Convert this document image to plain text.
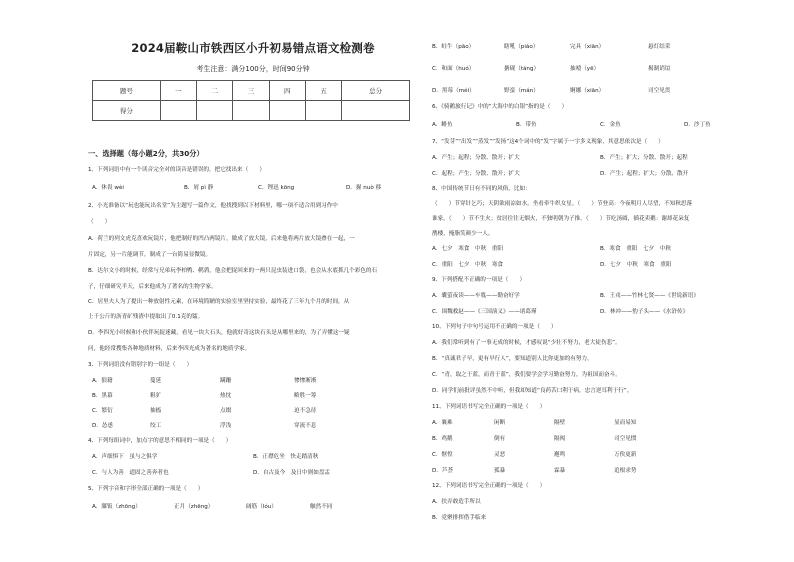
2024届鞍山市铁西区小升初易错点语文检测卷
考生注意：满分100分，时间90分钟
题号	一	二	三	四	五	总分
得分						
一、选择题（每小题2分，共30分）
1、下列词语中有一个读音完全对的读音是错误的，把它找出来（　　）
A．休畏 wèi	B．屑 pì 静	C．锂迅 kōng	D．握 nuò 移
2、小光准备以“玩也能玩出名堂”为主题写一篇作文，他找搜到以下材料里，哪一项不适合用到习作中
（　　）
A．荷兰的列文虎克喜欢玩镜片，他把制好的凹凸两镜片，做成了放大镜，后来他将两片放大镜叠在一起，一
片固定，另一片能调节，制成了一台简易显微镜。
B．达尔文小的时候，经常与兄弟玩李柏鸭、鹌鹑，他会把捉回来的一两只昆虫装进口袋，也会从水底抓几个彩色的石
子，仔细研究半天，后来他成为了著名的生物学家。
C．居里夫人为了提出一种放射性元素，在环境简陋的实验室里坚持实验，最终花了三年九个月的时间，从
上千公斤的沥青矿残渣中提取出了0.1克的镭。
D．李四光小时候和小伙伴玩捉迷藏，看见一块大石头，他就好奇这块石头是从哪里来的，为了弄懂这一疑
问，他经常搜集各种地质材料，后来李四光成为著名的地质学家。
3、下列词语没有错别字的一组是（　　）
A．狼籍	蔓延	蹒跚	惨惨淅淅
B．黑幕	粗犷	热忱	略胜一筹
C．繁衍	抽搐	点缀	迫不急待
D．怂恿	绞工	浮浅	穿流不息
4、下列每组词中，加点字的意思不相同的一项是（　　）
A．声细惧下　虽与之俱学	B．正襟危坐　快走踏清秋
C．与人为善　道固之善奔者也	D．自古及今　及日中则如盘盂
5、下列字音和字形全部正确的一项是（　　）
A．膝钣（zhōng）	正月（zhēng）	阔筋（lóu）	触然不同
B．蛀牛（pāo）	瞎吼（piáo）	完具（xiān）	悬灯结采
C．和面（huó）	搪砚（táng）	抽噎（yē）	揭制诮谊
D．黑莓（méi）	野蛮（mán）	婀娜（xiān）	司空见贯
6、《骑鹅旅行记》中的“大海中的白银”指的是（　　）
A．鲱鱼	B．带鱼	C．金鱼	D．沙丁鱼
7、“发芽”“出发”“蒸发”“发扬”这4个词中的“发”字属于一字多义现象，其意思依次是（　　）
A．产生；起程；分散、散开；扩大	B．产生；扩大；分散、散开；起程
C．起程；产生；分散、散开；扩大	D．产生；起程；扩大；分散、散开
8、中国传统节日有不同的风俗，比如：
（　　）节穿针乞巧；天阴欲雨凉如水，坐看牵牛织女星。（　　）节登高：今夜明月人尽望，不知秋思落
谁家。（　　）节不生火；贫居往往无烟火，不独明朝为子推。（　　）节吃汤圆，插花卖鹅：谢却花朵复
鹊楼，掩脂笑颜少一人。
A．七夕　寒食　中秋　重阳	B．寒食　重阳　七夕　中秋
C．重阳　七夕　中秋　寒食	D．七夕　中秋　寒食　重阳
9、下列搭配不正确的一项是（　　）
A．囊萤夜读——车胤——勤奋好学	B．王戎——竹林七贤——《世说新语》
C．围魏救赵——《三国演义》——诸葛瑾	D．林冲——豹子头——《水浒传》
10、下列句子中句号运用不正确的一项是（　　）
A．我们常听到有了一事无成的时候，才感叹说“少壮不努力，老大徒伤悲”。
B．“真诚君子早，更有早行人”，要知道别人比你更加的有努力。
C．“青，取之于蓝，而青于蓝”，我们要学会学习勤奋努力，为祖国而奋斗。
D．同学们前批评虽然不中听，但我却知道“良药苦口利于病，忠言逆耳利于行”。
11、下列词语书写完全正确的一项是（　　）
A．襄难	闲断	隔壁	显而易知
B．鸡鹅	倒有	隔阂	司空见惯
C．惬惶	灵恶	邂鸣	万俟更新
D．芦荟	孤暴	霖暴	追根求势
12、下列词语书写完全正确的一项是（　　）
A．扶弄敢造手所以
B．党聚排挥借手临来
